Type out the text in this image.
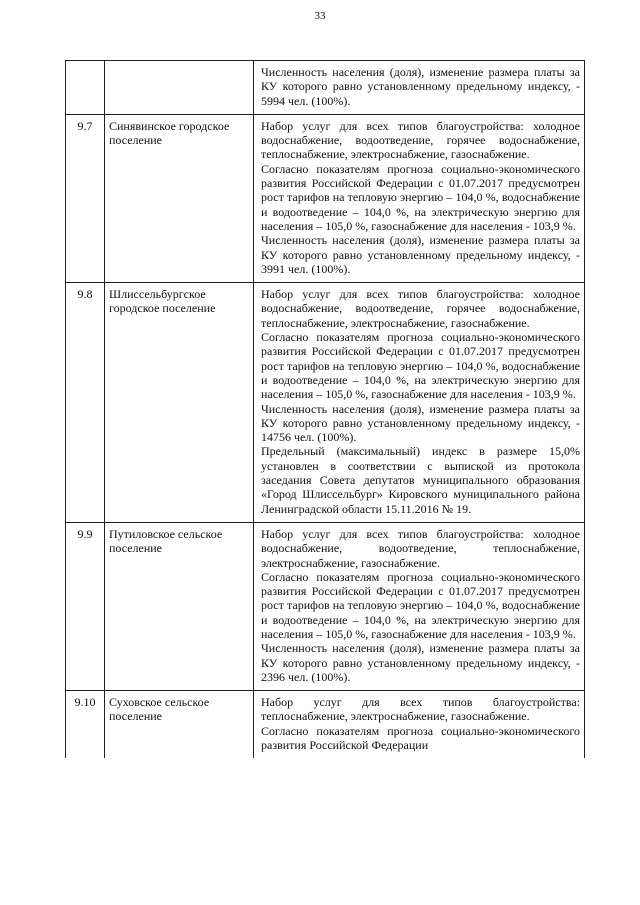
33

		Численность населения (доля), изменение размера платы за КУ которого равно установленному предельному индексу, - 5994 чел. (100%).

9.7	Синявинское городское поселение	Набор услуг для всех типов благоустройства: холодное водоснабжение, водоотведение, горячее водоснабжение, теплоснабжение, электроснабжение, газоснабжение.

Согласно показателям прогноза социально-экономического развития Российской Федерации с 01.07.2017 предусмотрен рост тарифов на тепловую энергию – 104,0 %, водоснабжение и водоотведение – 104,0 %, на электрическую энергию для населения – 105,0 %, газоснабжение для населения - 103,9 %.

Численность населения (доля), изменение размера платы за КУ которого равно установленному предельному индексу, - 3991 чел. (100%).

9.8	Шлиссельбургское городское поселение	Набор услуг для всех типов благоустройства: холодное водоснабжение, водоотведение, горячее водоснабжение, теплоснабжение, электроснабжение, газоснабжение.

Согласно показателям прогноза социально-экономического развития Российской Федерации с 01.07.2017 предусмотрен рост тарифов на тепловую энергию – 104,0 %, водоснабжение и водоотведение – 104,0 %, на электрическую энергию для населения – 105,0 %, газоснабжение для населения - 103,9 %.

Численность населения (доля), изменение размера платы за КУ которого равно установленному предельному индексу, - 14756 чел. (100%).

Предельный (максимальный) индекс в размере 15,0% установлен в соответствии с выпиской из протокола заседания Совета депутатов муниципального образования «Город Шлиссельбург» Кировского муниципального района Ленинградской области 15.11.2016 № 19.

9.9	Путиловское сельское поселение	Набор услуг для всех типов благоустройства: холодное водоснабжение, водоотведение, теплоснабжение, электроснабжение, газоснабжение.

Согласно показателям прогноза социально-экономического развития Российской Федерации с 01.07.2017 предусмотрен рост тарифов на тепловую энергию – 104,0 %, водоснабжение и водоотведение – 104,0 %, на электрическую энергию для населения – 105,0 %, газоснабжение для населения - 103,9 %.

Численность населения (доля), изменение размера платы за КУ которого равно установленному предельному индексу, - 2396 чел. (100%).

9.10	Суховское сельское поселение	Набор услуг для всех типов благоустройства: теплоснабжение, электроснабжение, газоснабжение.

Согласно показателям прогноза социально-экономического развития Российской Федерации
